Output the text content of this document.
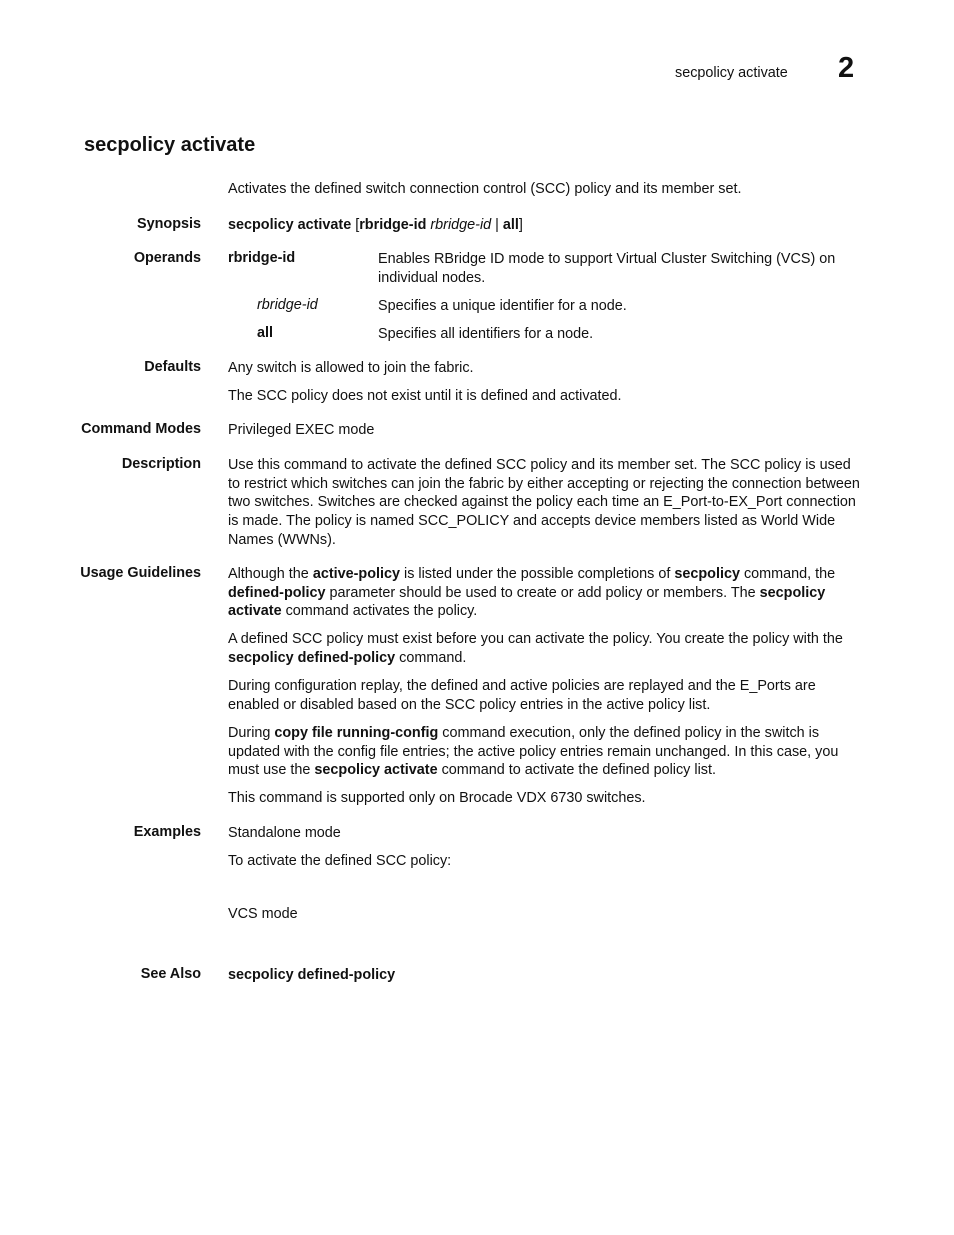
secpolicy activate 2
secpolicy activate
Activates the defined switch connection control (SCC) policy and its member set.
Synopsis secpolicy activate [rbridge-id rbridge-id | all]
Operands rbridge-id	Enables RBridge ID mode to support Virtual Cluster Switching (VCS) on individual nodes.
rbridge-id	Specifies a unique identifier for a node.
all	Specifies all identifiers for a node.
Defaults Any switch is allowed to join the fabric.
The SCC policy does not exist until it is defined and activated.
Command Modes Privileged EXEC mode
Description Use this command to activate the defined SCC policy and its member set. The SCC policy is used to restrict which switches can join the fabric by either accepting or rejecting the connection between two switches. Switches are checked against the policy each time an E_Port-to-EX_Port connection is made. The policy is named SCC_POLICY and accepts device members listed as World Wide Names (WWNs).
Usage Guidelines Although the active-policy is listed under the possible completions of secpolicy command, the defined-policy parameter should be used to create or add policy or members. The secpolicy activate command activates the policy.
A defined SCC policy must exist before you can activate the policy. You create the policy with the secpolicy defined-policy command.
During configuration replay, the defined and active policies are replayed and the E_Ports are enabled or disabled based on the SCC policy entries in the active policy list.
During copy file running-config command execution, only the defined policy in the switch is updated with the config file entries; the active policy entries remain unchanged. In this case, you must use the secpolicy activate command to activate the defined policy list.
This command is supported only on Brocade VDX 6730 switches.
Examples Standalone mode
To activate the defined SCC policy:
VCS mode
See Also secpolicy defined-policy
